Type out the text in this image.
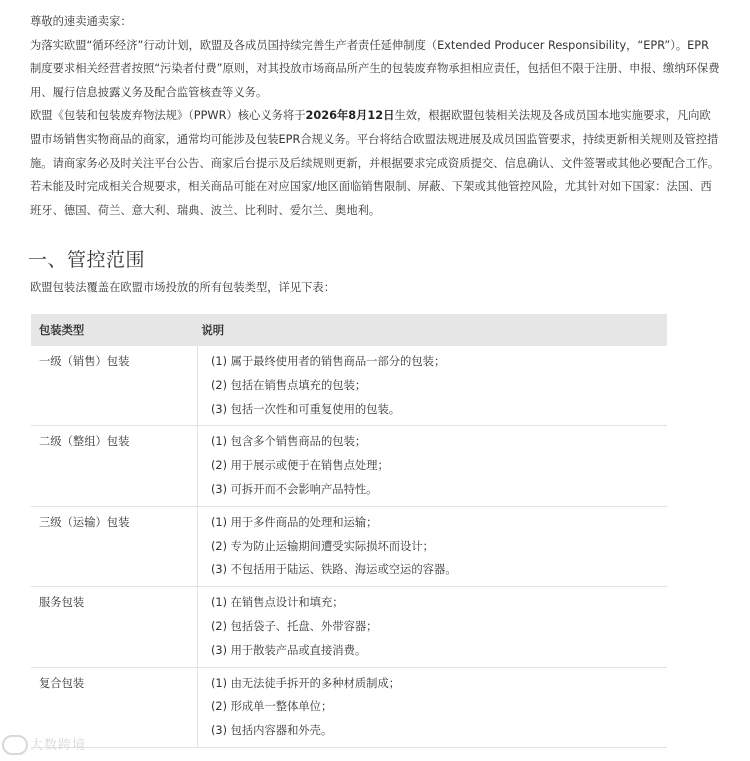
尊敬的速卖通卖家：

为落实欧盟“循环经济”行动计划，欧盟及各成员国持续完善生产者责任延伸制度（Extended Producer Responsibility，“EPR”）。EPR制度要求相关经营者按照“污染者付费”原则，对其投放市场商品所产生的包装废弃物承担相应责任，包括但不限于注册、申报、缴纳环保费用、履行信息披露义务及配合监管核查等义务。

欧盟《包装和包装废弃物法规》（PPWR）核心义务将于2026年8月12日生效，根据欧盟包装相关法规及各成员国本地实施要求，凡向欧盟市场销售实物商品的商家，通常均可能涉及包装EPR合规义务。平台将结合欧盟法规进展及成员国监管要求，持续更新相关规则及管控措施。请商家务必及时关注平台公告、商家后台提示及后续规则更新，并根据要求完成资质提交、信息确认、文件签署或其他必要配合工作。若未能及时完成相关合规要求，相关商品可能在对应国家/地区面临销售限制、屏蔽、下架或其他管控风险，尤其针对如下国家：法国、西班牙、德国、荷兰、意大利、瑞典、波兰、比利时、爱尔兰、奥地利。

一、管控范围
欧盟包装法覆盖在欧盟市场投放的所有包装类型，详见下表：
包装类型	说明

一级（销售）包装	(1) 属于最终使用者的销售商品一部分的包装；
(2) 包括在销售点填充的包装；
(3) 包括一次性和可重复使用的包装。

二级（整组）包装	(1) 包含多个销售商品的包装；
(2) 用于展示或便于在销售点处理；
(3) 可拆开而不会影响产品特性。

三级（运输）包装	(1) 用于多件商品的处理和运输；
(2) 专为防止运输期间遭受实际损坏而设计；
(3) 不包括用于陆运、铁路、海运或空运的容器。

服务包装	(1) 在销售点设计和填充；
(2) 包括袋子、托盘、外带容器；
(3) 用于散装产品或直接消费。

复合包装	(1) 由无法徒手拆开的多种材质制成；
(2) 形成单一整体单位；
(3) 包括内容器和外壳。
大数跨境
